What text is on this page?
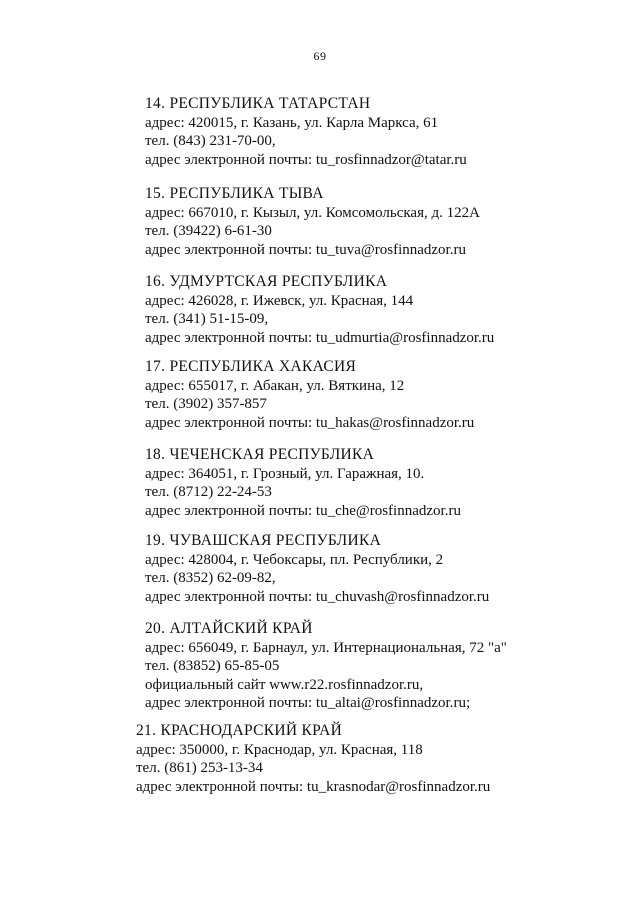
69
14. РЕСПУБЛИКА ТАТАРСТАН
адрес: 420015, г. Казань, ул. Карла Маркса, 61
тел. (843) 231-70-00,
адрес электронной почты: tu_rosfinnadzor@tatar.ru
15. РЕСПУБЛИКА ТЫВА
адрес: 667010, г. Кызыл, ул. Комсомольская, д. 122А
тел. (39422) 6-61-30
адрес электронной почты: tu_tuva@rosfinnadzor.ru
16. УДМУРТСКАЯ РЕСПУБЛИКА
адрес: 426028, г. Ижевск, ул. Красная, 144
тел. (341) 51-15-09,
адрес электронной почты: tu_udmurtia@rosfinnadzor.ru
17. РЕСПУБЛИКА ХАКАСИЯ
адрес: 655017, г. Абакан, ул. Вяткина, 12
тел. (3902) 357-857
адрес электронной почты: tu_hakas@rosfinnadzor.ru
18. ЧЕЧЕНСКАЯ РЕСПУБЛИКА
адрес: 364051, г. Грозный, ул. Гаражная, 10.
тел. (8712) 22-24-53
адрес электронной почты: tu_che@rosfinnadzor.ru
19. ЧУВАШСКАЯ РЕСПУБЛИКА
адрес: 428004, г. Чебоксары, пл. Республики, 2
тел. (8352) 62-09-82,
адрес электронной почты: tu_chuvash@rosfinnadzor.ru
20. АЛТАЙСКИЙ КРАЙ
адрес: 656049, г. Барнаул, ул. Интернациональная, 72 "а"
тел. (83852) 65-85-05
официальный сайт www.r22.rosfinnadzor.ru,
адрес электронной почты: tu_altai@rosfinnadzor.ru;
21. КРАСНОДАРСКИЙ КРАЙ
адрес: 350000, г. Краснодар, ул. Красная, 118
тел. (861) 253-13-34
адрес электронной почты: tu_krasnodar@rosfinnadzor.ru
